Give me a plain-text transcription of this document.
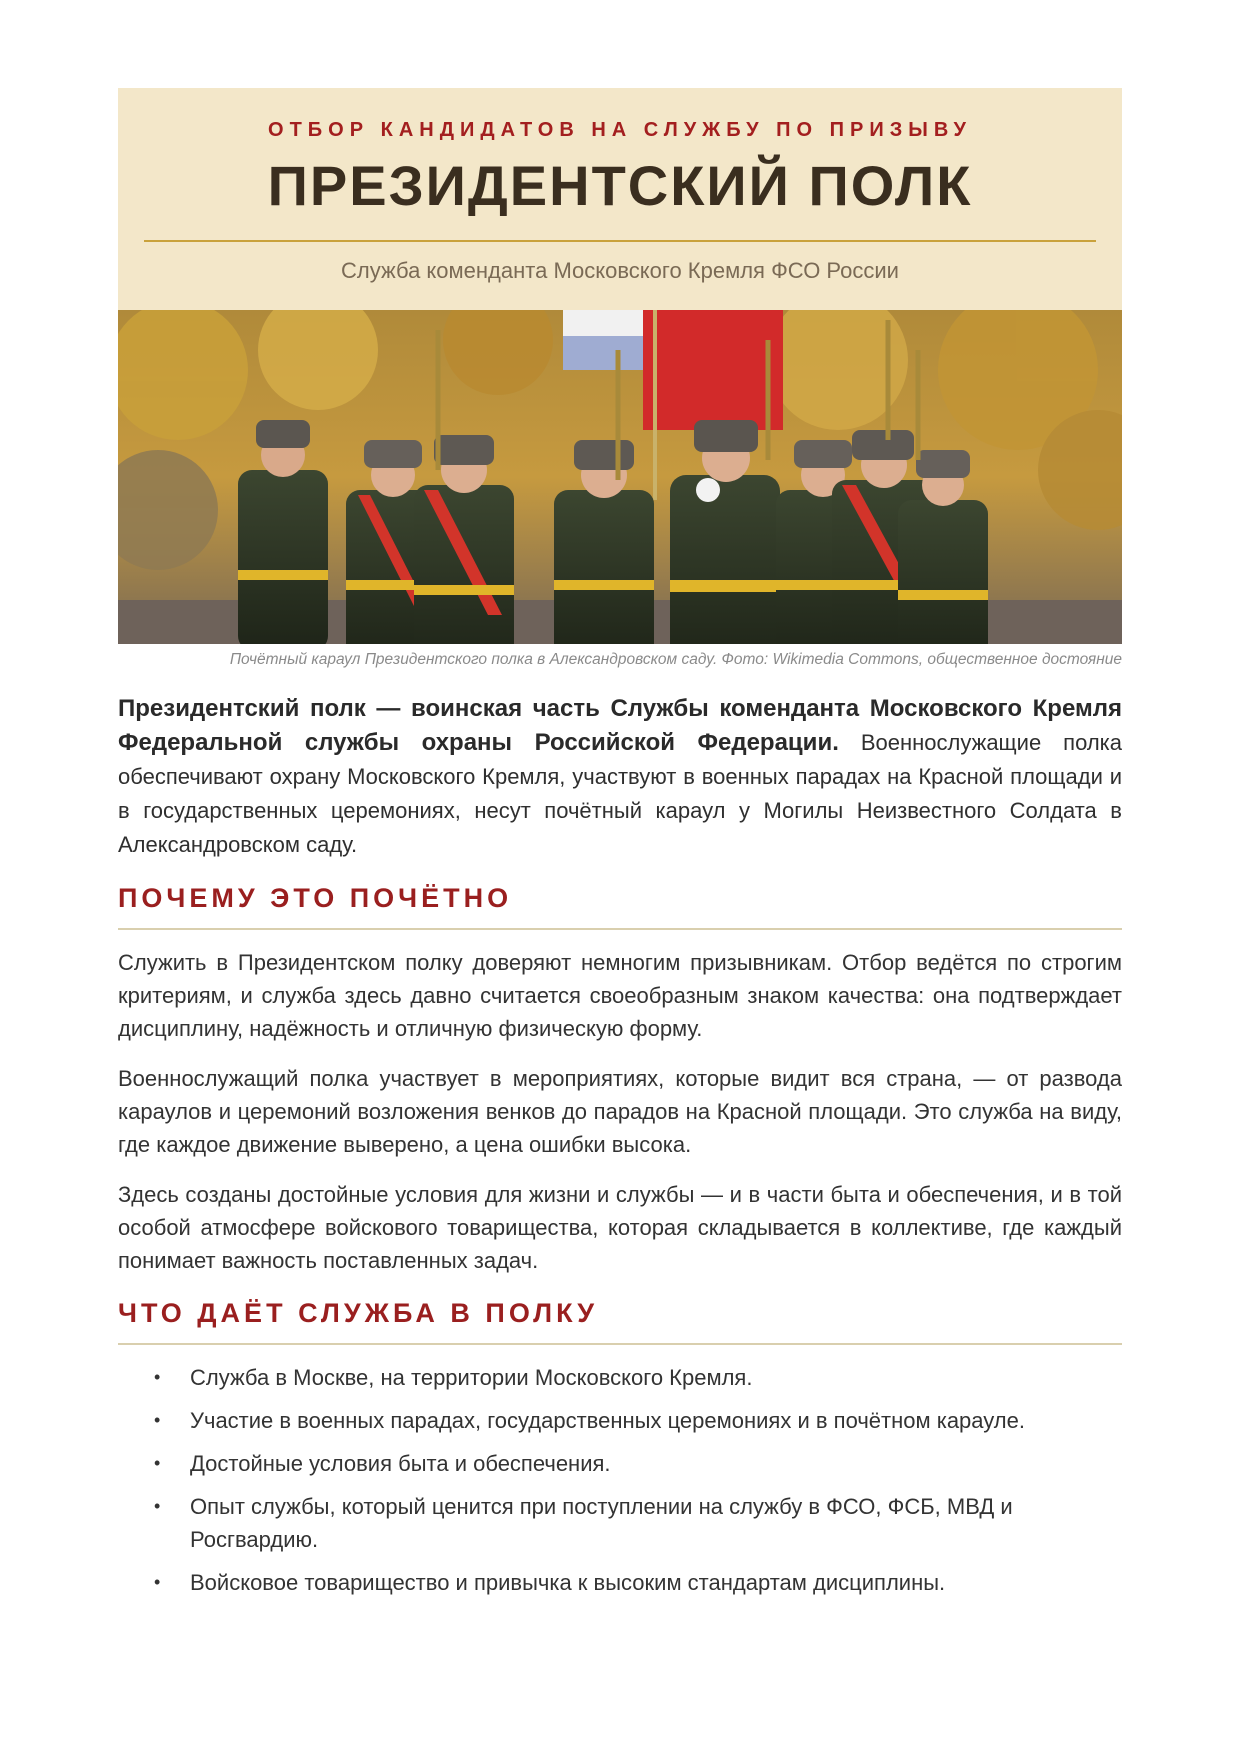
ОТБОР КАНДИДАТОВ НА СЛУЖБУ ПО ПРИЗЫВУ
ПРЕЗИДЕНТСКИЙ ПОЛК
Служба коменданта Московского Кремля ФСО России
Почётный караул Президентского полка в Александровском саду. Фото: Wikimedia Commons, общественное достояние

Президентский полк — воинская часть Службы коменданта Московского Кремля Федеральной службы охраны Российской Федерации. Военнослужащие полка обеспечивают охрану Московского Кремля, участвуют в военных парадах на Красной площади и в государственных церемониях, несут почётный караул у Могилы Неизвестного Солдата в Александровском саду.

ПОЧЕМУ ЭТО ПОЧЁТНО

Служить в Президентском полку доверяют немногим призывникам. Отбор ведётся по строгим критериям, и служба здесь давно считается своеобразным знаком качества: она подтверждает дисциплину, надёжность и отличную физическую форму.

Военнослужащий полка участвует в мероприятиях, которые видит вся страна, — от развода караулов и церемоний возложения венков до парадов на Красной площади. Это служба на виду, где каждое движение выверено, а цена ошибки высока.

Здесь созданы достойные условия для жизни и службы — и в части быта и обеспечения, и в той особой атмосфере войскового товарищества, которая складывается в коллективе, где каждый понимает важность поставленных задач.

ЧТО ДАЁТ СЛУЖБА В ПОЛКУ
• Служба в Москве, на территории Московского Кремля.
• Участие в военных парадах, государственных церемониях и в почётном карауле.
• Достойные условия быта и обеспечения.
• Опыт службы, который ценится при поступлении на службу в ФСО, ФСБ, МВД и Росгвардию.
• Войсковое товарищество и привычка к высоким стандартам дисциплины.
